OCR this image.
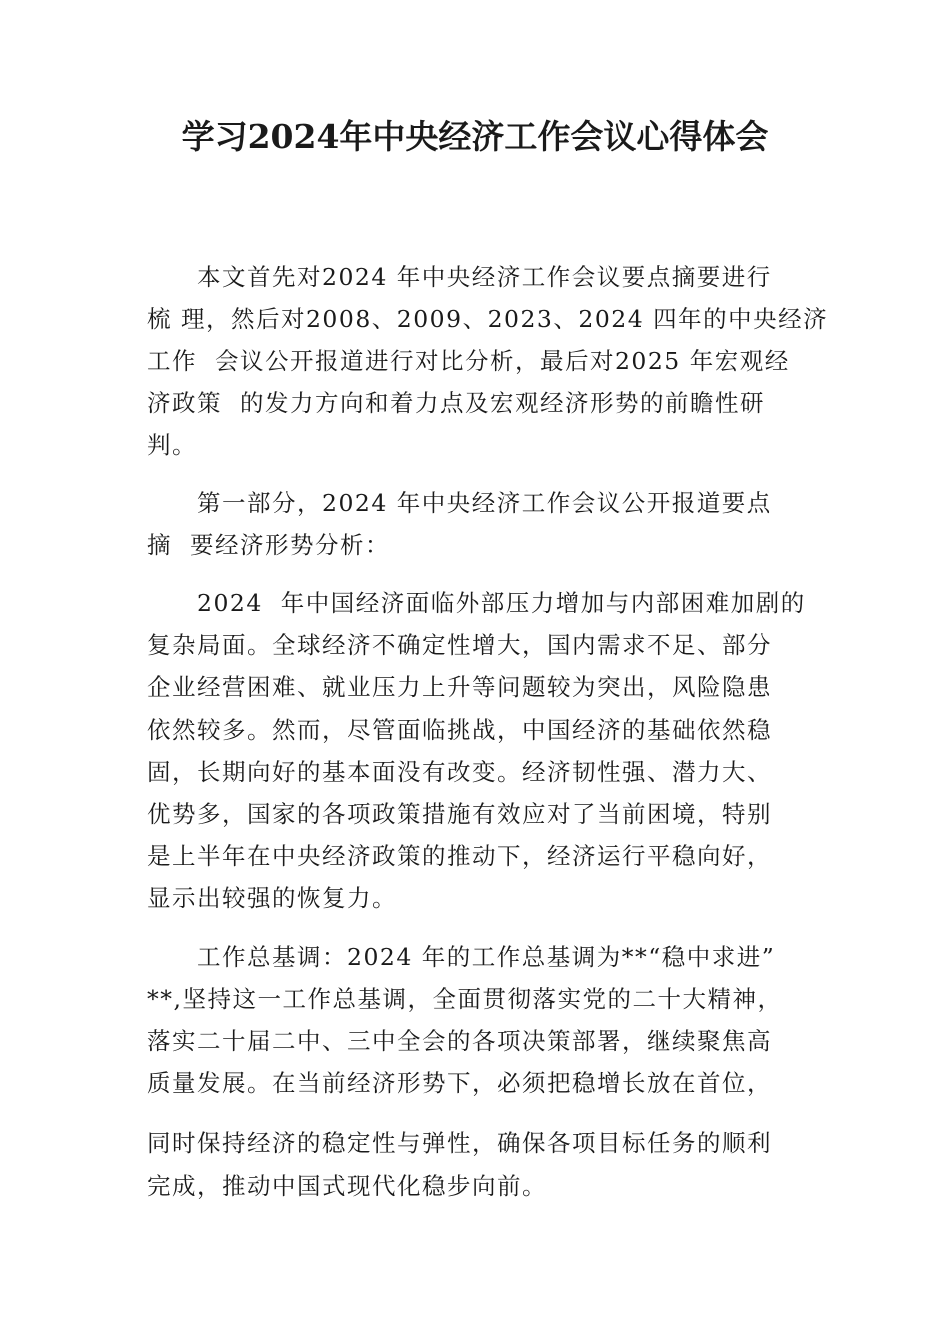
学习2024年中央经济工作会议心得体会
　　本文首先对2024 年中央经济工作会议要点摘要进行
梳 理，然后对2008、2009、2023、2024 四年的中央经济
工作  会议公开报道进行对比分析，最后对2025 年宏观经
济政策  的发力方向和着力点及宏观经济形势的前瞻性研
判。
　　第一部分，2024 年中央经济工作会议公开报道要点
摘  要经济形势分析：
　　2024  年中国经济面临外部压力增加与内部困难加剧的
复杂局面。全球经济不确定性增大，国内需求不足、部分
企业经营困难、就业压力上升等问题较为突出，风险隐患
依然较多。然而，尽管面临挑战，中国经济的基础依然稳
固，长期向好的基本面没有改变。经济韧性强、潜力大、
优势多，国家的各项政策措施有效应对了当前困境，特别
是上半年在中央经济政策的推动下，经济运行平稳向好，
显示出较强的恢复力。
　　工作总基调：2024 年的工作总基调为**“稳中求进”
**,坚持这一工作总基调，全面贯彻落实党的二十大精神，
落实二十届二中、三中全会的各项决策部署，继续聚焦高
质量发展。在当前经济形势下，必须把稳增长放在首位，
同时保持经济的稳定性与弹性，确保各项目标任务的顺利
完成，推动中国式现代化稳步向前。
